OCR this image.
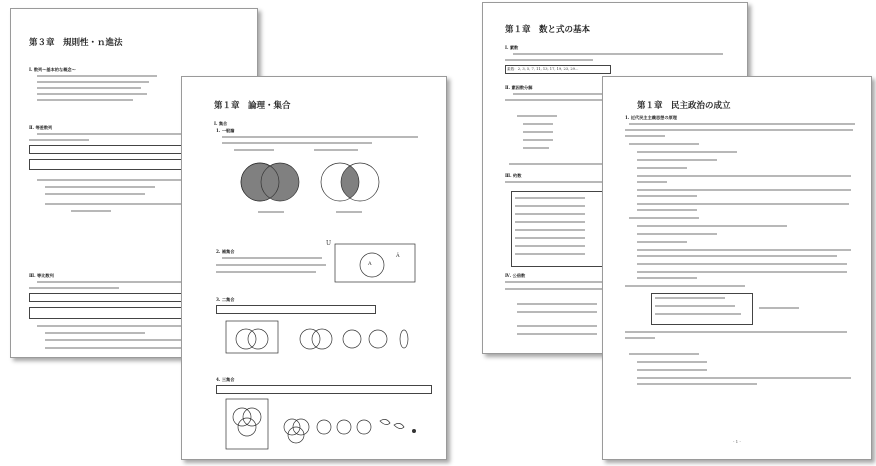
第３章　規則性・ｎ進法
Ⅰ. 数列〜基本的な概念〜
Ⅱ. 等差数列
Ⅲ. 等比数列
第１章　論理・集合
Ⅰ. 集合
1. 一般論
2. 補集合
U
A
Ā
3. 二集合
4. 三集合
第１章　数と式の基本
Ⅰ. 素数
素数：2, 3, 5, 7, 11, 13, 17, 19, 23, 29…
Ⅱ. 素因数分解
Ⅲ. 約数
Ⅳ. 公倍数
第１章　民主政治の成立
1. 近代民主主義思想の原理
- 1 -
